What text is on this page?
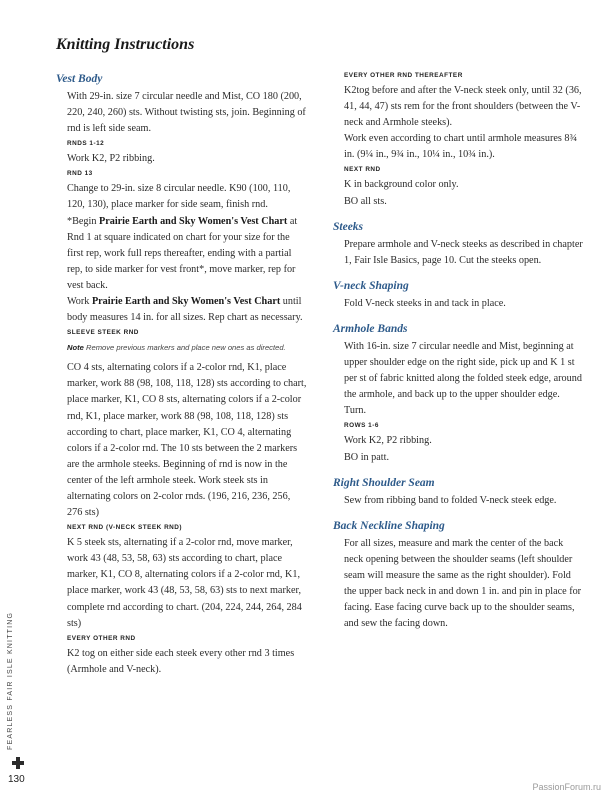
Knitting Instructions
Vest Body

With 29-in. size 7 circular needle and Mist, CO 180 (200, 220, 240, 260) sts. Without twisting sts, join. Beginning of rnd is left side seam.

RNDS 1-12

Work K2, P2 ribbing.

RND 13

Change to 29-in. size 8 circular needle. K90 (100, 110, 120, 130), place marker for side seam, finish rnd.

*Begin Prairie Earth and Sky Women's Vest Chart at Rnd 1 at square indicated on chart for your size for the first rep, work full reps thereafter, ending with a partial rep, to side marker for vest front*, move marker, rep for vest back.

Work Prairie Earth and Sky Women's Vest Chart until body measures 14 in. for all sizes. Rep chart as necessary.

SLEEVE STEEK RND
Note Remove previous markers and place new ones as directed.

CO 4 sts, alternating colors if a 2-color rnd, K1, place marker, work 88 (98, 108, 118, 128) sts according to chart, place marker, K1, CO 8 sts, alternating colors if a 2-color rnd, K1, place marker, work 88 (98, 108, 118, 128) sts according to chart, place marker, K1, CO 4, alternating colors if a 2-color rnd. The 10 sts between the 2 markers are the armhole steeks. Beginning of rnd is now in the center of the left armhole steek. Work steek sts in alternating colors on 2-color rnds. (196, 216, 236, 256, 276 sts)

NEXT RND (V-NECK STEEK RND)

K 5 steek sts, alternating if a 2-color rnd, move marker, work 43 (48, 53, 58, 63) sts according to chart, place marker, K1, CO 8, alternating colors if a 2-color rnd, K1, place marker, work 43 (48, 53, 58, 63) sts to next marker, complete rnd according to chart. (204, 224, 244, 264, 284 sts)

EVERY OTHER RND

K2 tog on either side each steek every other rnd 3 times (Armhole and V-neck).

EVERY OTHER RND THEREAFTER

K2tog before and after the V-neck steek only, until 32 (36, 41, 44, 47) sts rem for the front shoulders (between the V-neck and Armhole steeks).

Work even according to chart until armhole measures 8¾ in. (9¼ in., 9¾ in., 10¼ in., 10¾ in.).

NEXT RND

K in background color only.

BO all sts.

Steeks

Prepare armhole and V-neck steeks as described in chapter 1, Fair Isle Basics, page 10. Cut the steeks open.

V-neck Shaping

Fold V-neck steeks in and tack in place.

Armhole Bands

With 16-in. size 7 circular needle and Mist, beginning at upper shoulder edge on the right side, pick up and K 1 st per st of fabric knitted along the folded steek edge, around the armhole, and back up to the upper shoulder edge. Turn.

ROWS 1-6

Work K2, P2 ribbing.

BO in patt.

Right Shoulder Seam

Sew from ribbing band to folded V-neck steek edge.

Back Neckline Shaping

For all sizes, measure and mark the center of the back neck opening between the shoulder seams (left shoulder seam will measure the same as the right shoulder). Fold the upper back neck in and down 1 in. and pin in place for facing. Ease facing curve back up to the shoulder seams, and sew the facing down.

FEARLESS FAIR ISLE KNITTING
130
PassionForum.ru
